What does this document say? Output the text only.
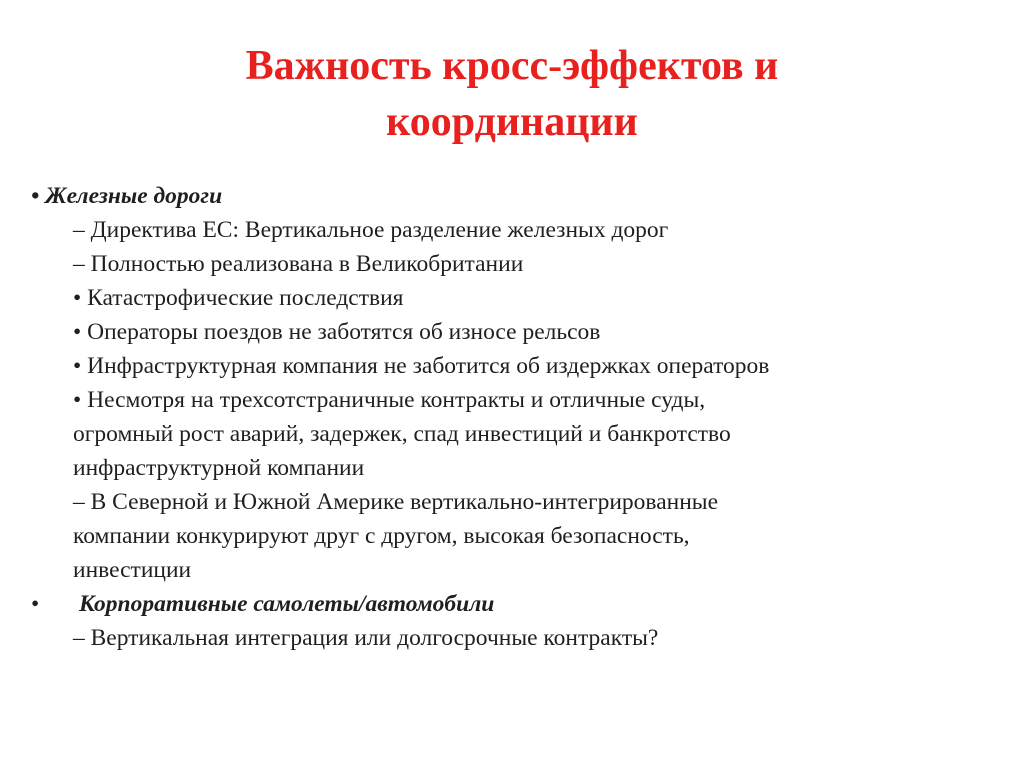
Важность кросс-эффектов и
координации
• Железные дороги
– Директива ЕС: Вертикальное разделение железных дорог
– Полностью реализована в Великобритании
• Катастрофические последствия
• Операторы поездов не заботятся об износе рельсов
• Инфраструктурная компания не заботится об издержках операторов
• Несмотря на трехсотстраничные контракты и отличные суды,
огромный рост аварий, задержек, спад инвестиций и банкротство
инфраструктурной компании
– В Северной и Южной Америке вертикально-интегрированные
компании конкурируют друг с другом, высокая безопасность,
инвестиции
• Корпоративные самолеты/автомобили
– Вертикальная интеграция или долгосрочные контракты?
